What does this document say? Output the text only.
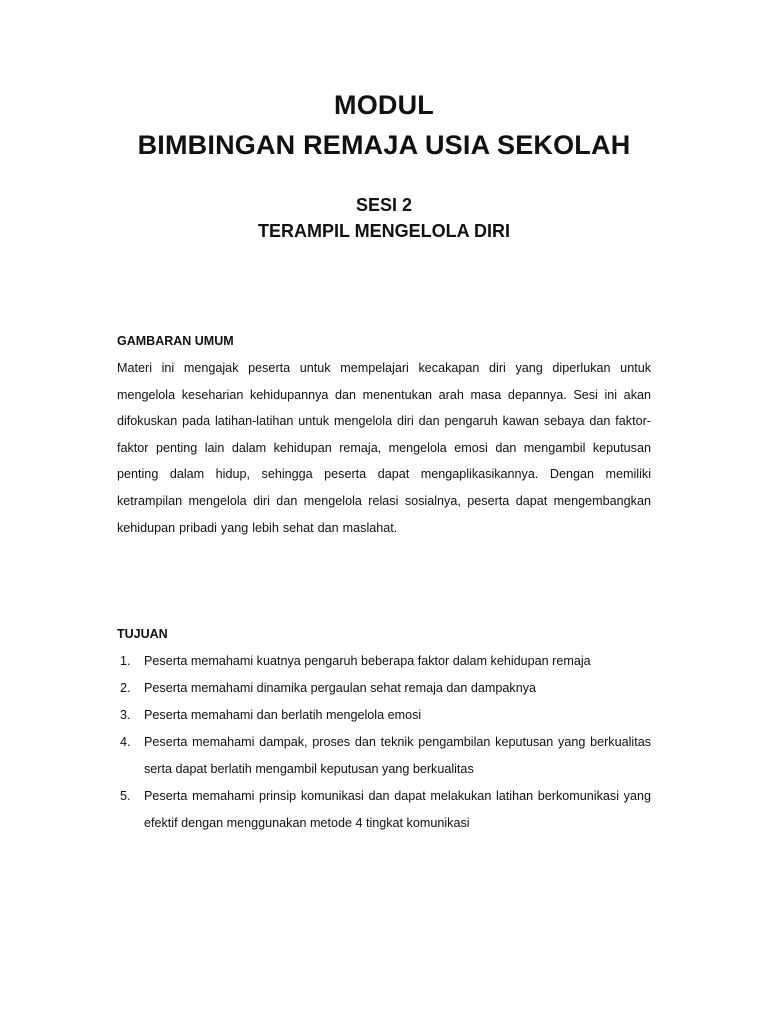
MODUL
BIMBINGAN REMAJA USIA SEKOLAH
SESI 2
TERAMPIL MENGELOLA DIRI
GAMBARAN UMUM

Materi ini mengajak peserta untuk mempelajari kecakapan diri yang diperlukan untuk mengelola keseharian kehidupannya dan menentukan arah masa depannya. Sesi ini akan difokuskan pada latihan-latihan untuk mengelola diri dan pengaruh kawan sebaya dan faktor-faktor penting lain dalam kehidupan remaja, mengelola emosi dan mengambil keputusan penting dalam hidup, sehingga peserta dapat mengaplikasikannya. Dengan memiliki ketrampilan mengelola diri dan mengelola relasi sosialnya, peserta dapat mengembangkan kehidupan pribadi yang lebih sehat dan maslahat.

TUJUAN
1.	Peserta memahami kuatnya pengaruh beberapa faktor dalam kehidupan remaja
2.	Peserta memahami dinamika pergaulan sehat remaja dan dampaknya
3.	Peserta memahami dan berlatih mengelola emosi
4.	Peserta memahami dampak, proses dan teknik pengambilan keputusan yang berkualitas serta dapat berlatih mengambil keputusan yang berkualitas
5.	Peserta memahami prinsip komunikasi dan dapat melakukan latihan berkomunikasi yang efektif dengan menggunakan metode 4 tingkat komunikasi
